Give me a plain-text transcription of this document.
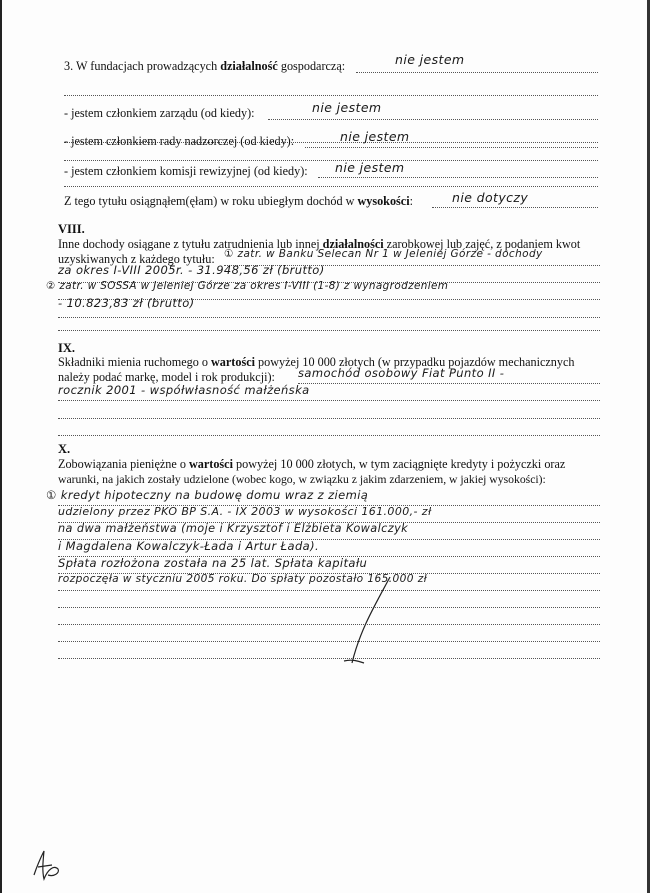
3. W fundacjach prowadzących działalność gospodarczą:	nie jestem
- jestem członkiem zarządu (od kiedy):	nie jestem
- jestem członkiem rady nadzorczej (od kiedy):	nie jestem
- jestem członkiem komisji rewizyjnej (od kiedy): nie jestem
Z tego tytułu osiągnąłem(ęłam) w roku ubiegłym dochód w wysokości:	nie dotyczy
VIII.
Inne dochody osiągane z tytułu zatrudnienia lub innej działalności zarobkowej lub zajęć, z podaniem kwot
uzyskiwanych z każdego tytułu: ① zatr. w Banku Selecan Nr 1 w Jeleniej Górze - dochody
za okres I-VIII 2005r. - 31.948,56 zł (brutto)
② zatr. w SOSSA w Jeleniej Górze za okres I-VIII (1-8) z wynagrodzeniem
- 10.823,83 zł (brutto)
IX.
Składniki mienia ruchomego o wartości powyżej 10 000 złotych (w przypadku pojazdów mechanicznych
należy podać markę, model i rok produkcji): samochód osobowy Fiat Punto II -
rocznik 2001 - współwłasność małżeńska
X.
Zobowiązania pieniężne o wartości powyżej 10 000 złotych, w tym zaciągnięte kredyty i pożyczki oraz
warunki, na jakich zostały udzielone (wobec kogo, w związku z jakim zdarzeniem, w jakiej wysokości):
① kredyt hipoteczny na budowę domu wraz z ziemią
udzielony przez PKO BP S.A. - IX 2003 w wysokości 161.000,- zł
na dwa małżeństwa (moje i Krzysztof i Elżbieta Kowalczyk
i Magdalena Kowalczyk-Łada i Artur Łada).
Spłata rozłożona została na 25 lat. Spłata kapitału
rozpoczęła w styczniu 2005 roku. Do spłaty pozostało 165.000 zł
